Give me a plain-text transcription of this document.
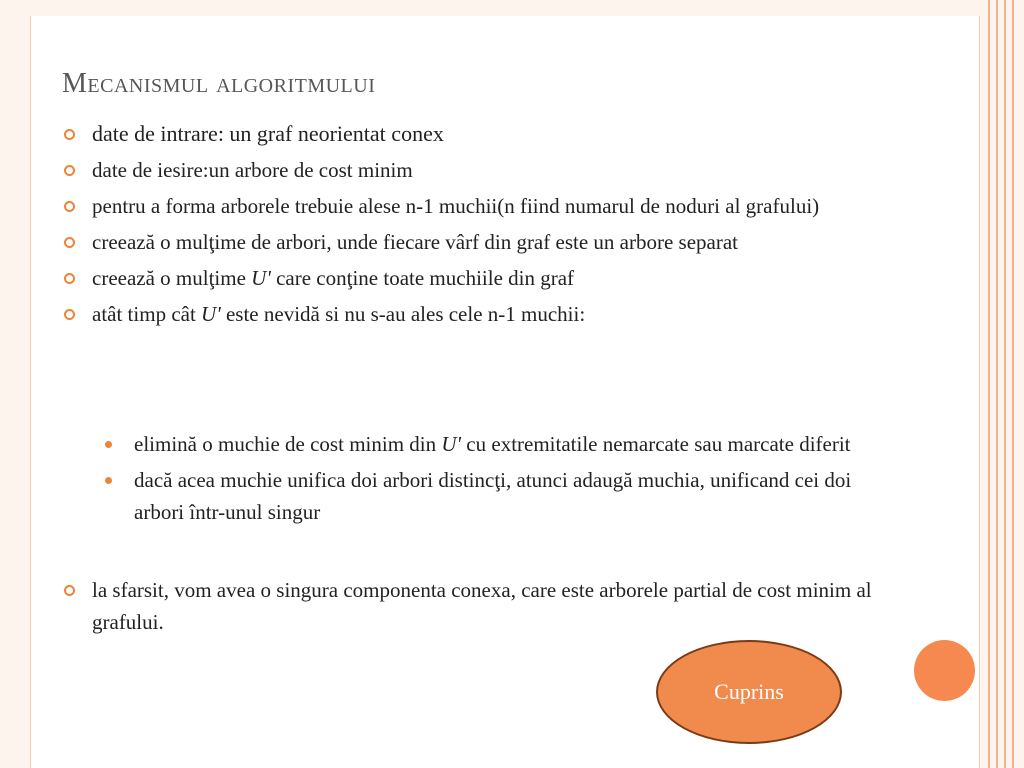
Mecanismul algoritmului
date de intrare: un graf neorientat conex
date de iesire:un arbore de cost minim
pentru a forma arborele trebuie alese n-1 muchii(n fiind numarul de noduri al grafului)
creează o mulţime de arbori, unde fiecare vârf din graf este un arbore separat
creează o mulţime U' care conţine toate muchiile din graf
atât timp cât U' este nevidă si nu s-au ales cele n-1 muchii:
elimină o muchie de cost minim din U' cu extremitatile nemarcate sau marcate diferit
dacă acea muchie unifica doi arbori distincţi, atunci adaugă muchia, unificand cei doi arbori într-unul singur
la sfarsit, vom avea o singura componenta conexa, care este arborele partial de cost minim al grafului.
Cuprins
